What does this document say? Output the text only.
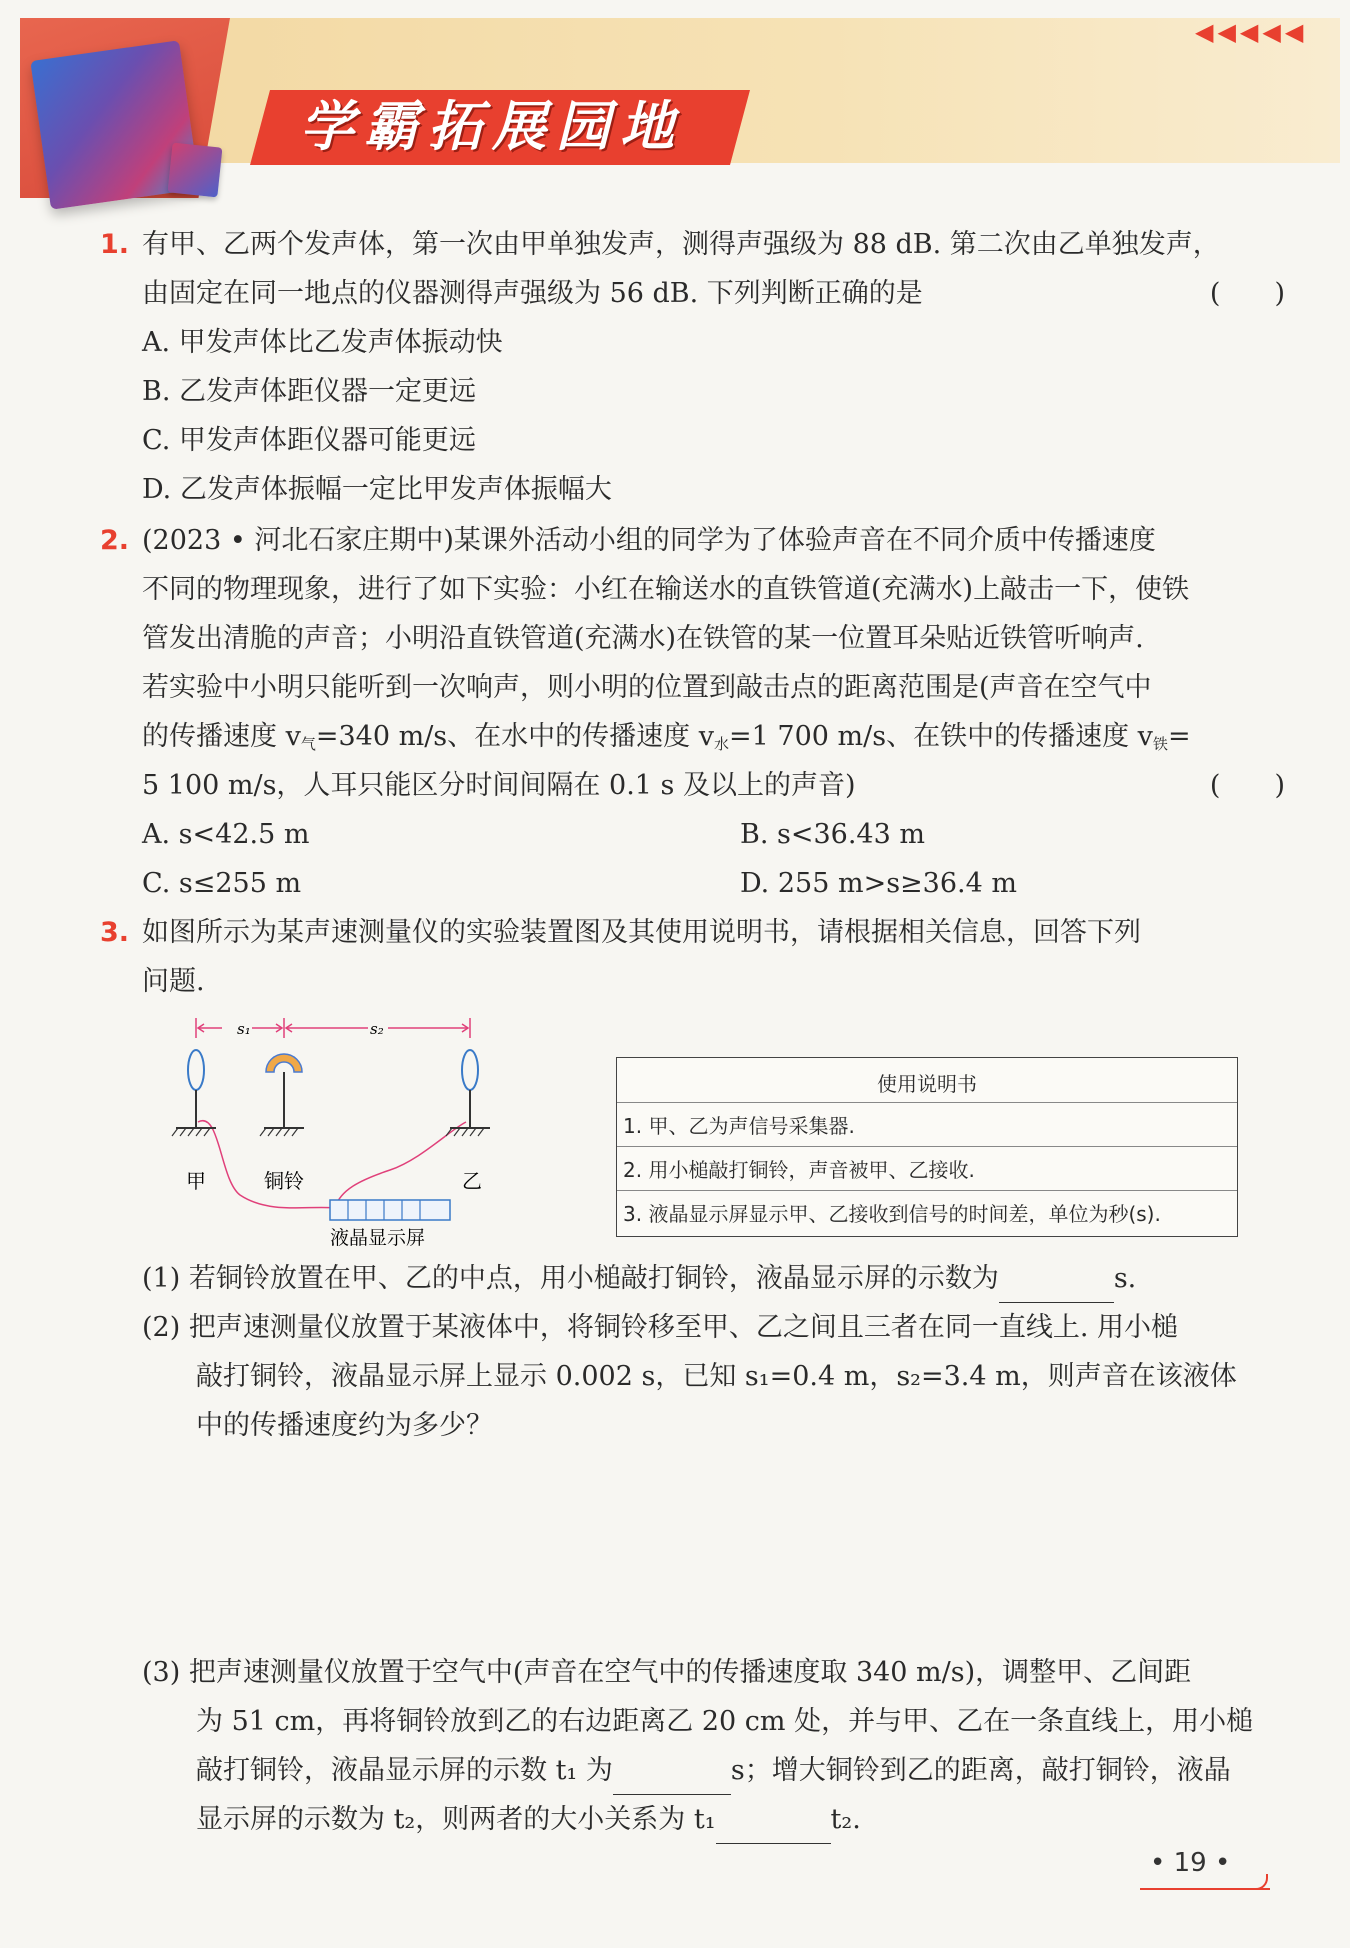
学霸拓展园地
◀◀◀◀◀
1. 有甲、乙两个发声体，第一次由甲单独发声，测得声强级为 88 dB. 第二次由乙单独发声，
由固定在同一地点的仪器测得声强级为 56 dB. 下列判断正确的是	(　　)
A. 甲发声体比乙发声体振动快
B. 乙发声体距仪器一定更远
C. 甲发声体距仪器可能更远
D. 乙发声体振幅一定比甲发声体振幅大
2. (2023 • 河北石家庄期中)某课外活动小组的同学为了体验声音在不同介质中传播速度
不同的物理现象，进行了如下实验：小红在输送水的直铁管道(充满水)上敲击一下，使铁
管发出清脆的声音；小明沿直铁管道(充满水)在铁管的某一位置耳朵贴近铁管听响声.
若实验中小明只能听到一次响声，则小明的位置到敲击点的距离范围是(声音在空气中
的传播速度 $v_气=340$ m/s、在水中的传播速度 $v_水=1$ 700 m/s、在铁中的传播速度 $v_铁=$
5 100 m/s，人耳只能区分时间间隔在 0.1 s 及以上的声音)	(　　)
A. s<42.5 m	B. s<36.43 m
C. s≤255 m	D. 255 m>s≥36.4 m
3. 如图所示为某声速测量仪的实验装置图及其使用说明书，请根据相关信息，回答下列
问题.
s₁	s₂
甲	铜铃	乙
液晶显示屏
使用说明书
1. 甲、乙为声信号采集器.
2. 用小槌敲打铜铃，声音被甲、乙接收.
3. 液晶显示屏显示甲、乙接收到信号的时间差，单位为秒(s).
(1) 若铜铃放置在甲、乙的中点，用小槌敲打铜铃，液晶显示屏的示数为	s.
(2) 把声速测量仪放置于某液体中，将铜铃移至甲、乙之间且三者在同一直线上. 用小槌
敲打铜铃，液晶显示屏上显示 0.002 s，已知 s₁=0.4 m，s₂=3.4 m，则声音在该液体
中的传播速度约为多少？
(3) 把声速测量仪放置于空气中(声音在空气中的传播速度取 340 m/s)，调整甲、乙间距
为 51 cm，再将铜铃放到乙的右边距离乙 20 cm 处，并与甲、乙在一条直线上，用小槌
敲打铜铃，液晶显示屏的示数 t₁ 为	s；增大铜铃到乙的距离，敲打铜铃，液晶
显示屏的示数为 t₂，则两者的大小关系为 t₁	t₂.
• 19 •
